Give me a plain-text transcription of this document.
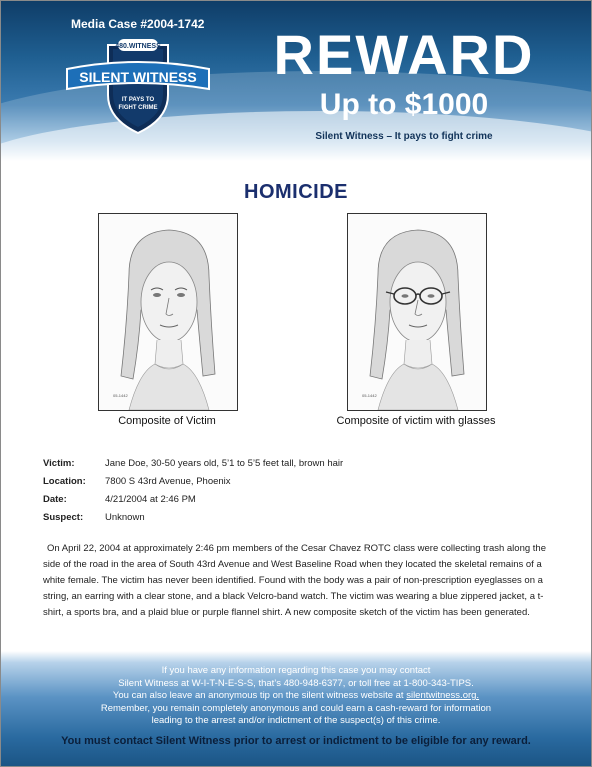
Media Case #2004-1742
480.WITNESS
SILENT WITNESS
IT PAYS TO
FIGHT CRIME
REWARD
Up to $1000
Silent Witness – It pays to fight crime
HOMICIDE
05-1442
Composite of Victim
05-1442
Composite of victim with glasses
Victim:	Jane Doe, 30-50 years old, 5’1 to 5’5 feet tall, brown hair
Location:	7800 S 43rd Avenue, Phoenix
Date:	4/21/2004 at 2:46 PM
Suspect:	Unknown
On April 22, 2004 at approximately 2:46 pm members of the Cesar Chavez ROTC class were collecting trash along the side of the road in the area of South 43rd Avenue and West Baseline Road when they located the skeletal remains of a white female. The victim has never been identified. Found with the body was a pair of non-prescription eyeglasses on a string, an earring with a clear stone, and a black Velcro-band watch. The victim was wearing a blue zippered jacket, a t-shirt, a sports bra, and a plaid blue or purple flannel shirt. A new composite sketch of the victim has been generated.
If you have any information regarding this case you may contact
Silent Witness at W-I-T-N-E-S-S, that’s 480-948-6377, or toll free at 1-800-343-TIPS.
You can also leave an anonymous tip on the silent witness website at silentwitness.org.
Remember, you remain completely anonymous and could earn a cash-reward for information
leading to the arrest and/or indictment of the suspect(s) of this crime.
You must contact Silent Witness prior to arrest or indictment to be eligible for any reward.
